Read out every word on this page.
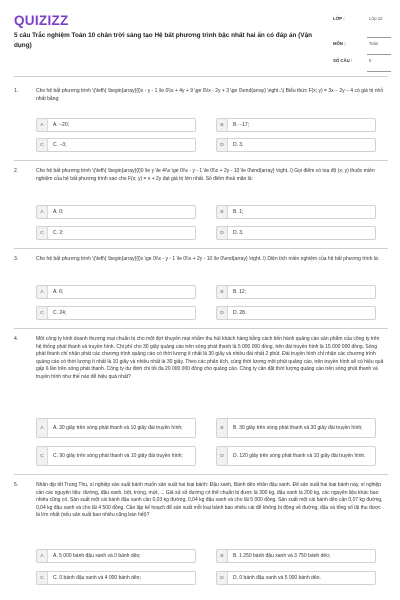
QUIZIZZ
5 câu Trắc nghiệm Toán 10 chân trời sáng tạo Hệ bất phương trình bậc nhất hai ẩn có đáp án (Vận dụng)
LỚP :	Lớp 10
MÔN :	Toán
SỐ CÂU :	5
1.	Cho hệ bất phương trình \(\left\{ \begin{array}{l}x - y - 1 \le 0\\x + 4y + 9 \ge 0\\x - 2y + 3 \ge 0\end{array} \right..\) Biểu thức F(x; y) = 3x − 2y − 4 có giá trị nhỏ nhất bằng:
A	A. −20;	B	B. −17;
C	C. −3;	D	D. 3.
2.	Cho hệ bất phương trình \(\left\{ \begin{array}{l}0 \le y \le 4\\x \ge 0\\x - y - 1 \le 0\\x + 2y - 10 \le 0\end{array} \right..\) Gọi điểm có toạ độ (x; y) thuộc miền nghiệm của hệ bất phương trình sao cho F(x; y) = x + 2y đạt giá trị lớn nhất. Số điểm thoả mãn là:
A	A. 0;	B	B. 1;
C	C. 2;	D	D. 3.
3.	Cho hệ bất phương trình \(\left\{ \begin{array}{l}x \ge 0\\x - y - 1 \le 0\\x + 2y - 10 \le 0\end{array} \right..\) Diện tích miền nghiệm của hệ bất phương trình là:
A	A. 6;	B	B. 12;
C	C. 24;	D	D. 28.
4.	Một công ty kinh doanh thương mại chuẩn bị cho một đợt khuyến mại nhằm thu hút khách hàng bằng cách tiến hành quảng cáo sản phẩm của công ty trên hệ thống phát thanh và truyền hình. Chi phí cho 30 giây quảng cáo trên sóng phát thanh là 5 000 000 đồng, trên đài truyền hình là 15 000 000 đồng. Sóng phát thanh chỉ nhận phát các chương trình quảng cáo có thời lượng ít nhất là 30 giây và nhiều đài nhất 2 phút. Đài truyền hình chỉ nhận các chương trình quảng cáo có thời lượng ít nhất là 10 giây và nhiều nhất là 30 giây. Theo các phân tích, cùng thời lượng một phút quảng cáo, trên truyền hình sẽ có hiệu quả gấp 6 lần trên sóng phát thanh. Công ty dự định chi tối đa 20 000 000 đồng cho quảng cáo. Công ty cần đặt thời lượng quảng cáo trên sóng phát thanh và truyền hình như thế nào để hiệu quả nhất?
A	A. 30 giây trên sóng phát thanh và 10 giây đài truyền hình;	B	B. 30 giây trên sóng phát thanh và 30 giây đài truyền hình;
C	C. 90 giây trên sóng phát thanh và 10 giây đài truyền hình;	D	D. 120 giây trên sóng phát thanh và 10 giây đài truyền hình.
5.	Nhân dịp tết Trung Thu, xí nghiệp sản xuất bánh muốn sản xuất hai loại bánh: Đậu xanh, Bánh dẻo nhân đậu xanh. Để sản xuất hai loại bánh này, xí nghiệp cần các nguyên liệu: đường, đậu xanh, bột, trứng, mứt, ... Giả sử số đường có thể chuẩn bị được là 300 kg, đậu xanh là 200 kg, các nguyên liệu khác bao nhiêu cũng có. Sản xuất một cái bánh đậu xanh cần 0,03 kg đường, 0,04 kg đậu xanh và cho lãi 5 000 đồng. Sản xuất một cái bánh dẻo cần 0,07 kg đường, 0,04 kg đậu xanh và cho lãi 4 500 đồng. Cần lập kế hoạch để sản xuất mỗi loại bánh bao nhiêu cái để không bị động về đường, đậu và tổng số lãi thu được là lớn nhất (nếu sản xuất bao nhiêu cũng bán hết)?
A	A. 5 000 bánh đậu xanh và 0 bánh dẻo;	B	B. 1 250 bánh đậu xanh và 3 750 bánh dẻo;
C	C. 0 bánh đậu xanh và 4 000 bánh dẻo;	D	D. 0 bánh đậu xanh và 5 000 bánh dẻo.
